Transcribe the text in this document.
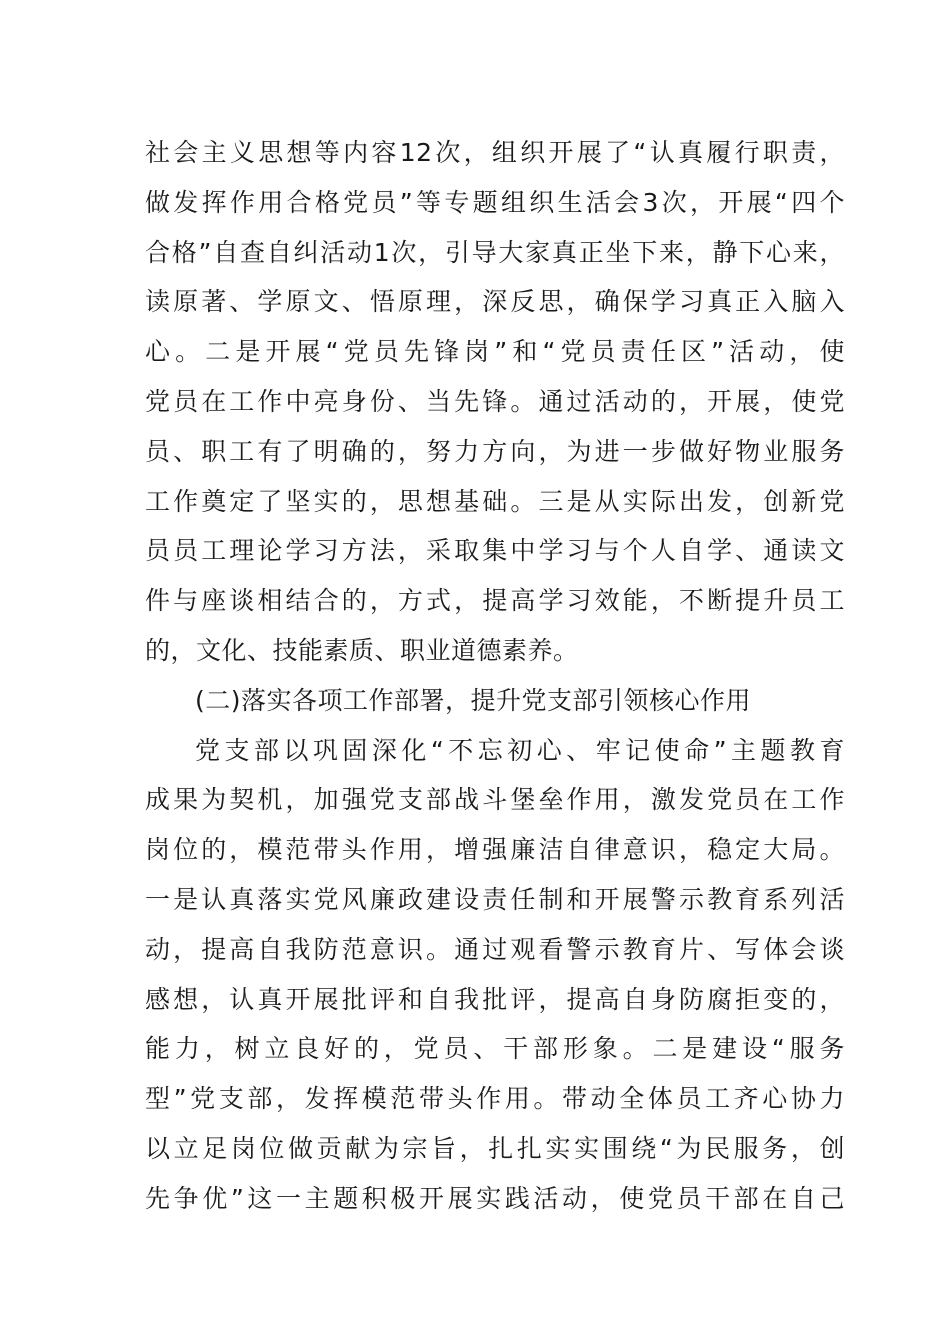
社会主义思想等内容12次，组织开展了“认真履行职责，
做发挥作用合格党员”等专题组织生活会3次，开展“四个
合格”自查自纠活动1次，引导大家真正坐下来，静下心来，
读原著、学原文、悟原理，深反思，确保学习真正入脑入
心。二是开展“党员先锋岗”和“党员责任区”活动，使
党员在工作中亮身份、当先锋。通过活动的，开展，使党
员、职工有了明确的，努力方向，为进一步做好物业服务
工作奠定了坚实的，思想基础。三是从实际出发，创新党
员员工理论学习方法，采取集中学习与个人自学、通读文
件与座谈相结合的，方式，提高学习效能，不断提升员工
的，文化、技能素质、职业道德素养。
(二)落实各项工作部署，提升党支部引领核心作用
党支部以巩固深化“不忘初心、牢记使命”主题教育
成果为契机，加强党支部战斗堡垒作用，激发党员在工作
岗位的，模范带头作用，增强廉洁自律意识，稳定大局。
一是认真落实党风廉政建设责任制和开展警示教育系列活
动，提高自我防范意识。通过观看警示教育片、写体会谈
感想，认真开展批评和自我批评，提高自身防腐拒变的，
能力，树立良好的，党员、干部形象。二是建设“服务
型”党支部，发挥模范带头作用。带动全体员工齐心协力
以立足岗位做贡献为宗旨，扎扎实实围绕“为民服务，创
先争优”这一主题积极开展实践活动，使党员干部在自己
